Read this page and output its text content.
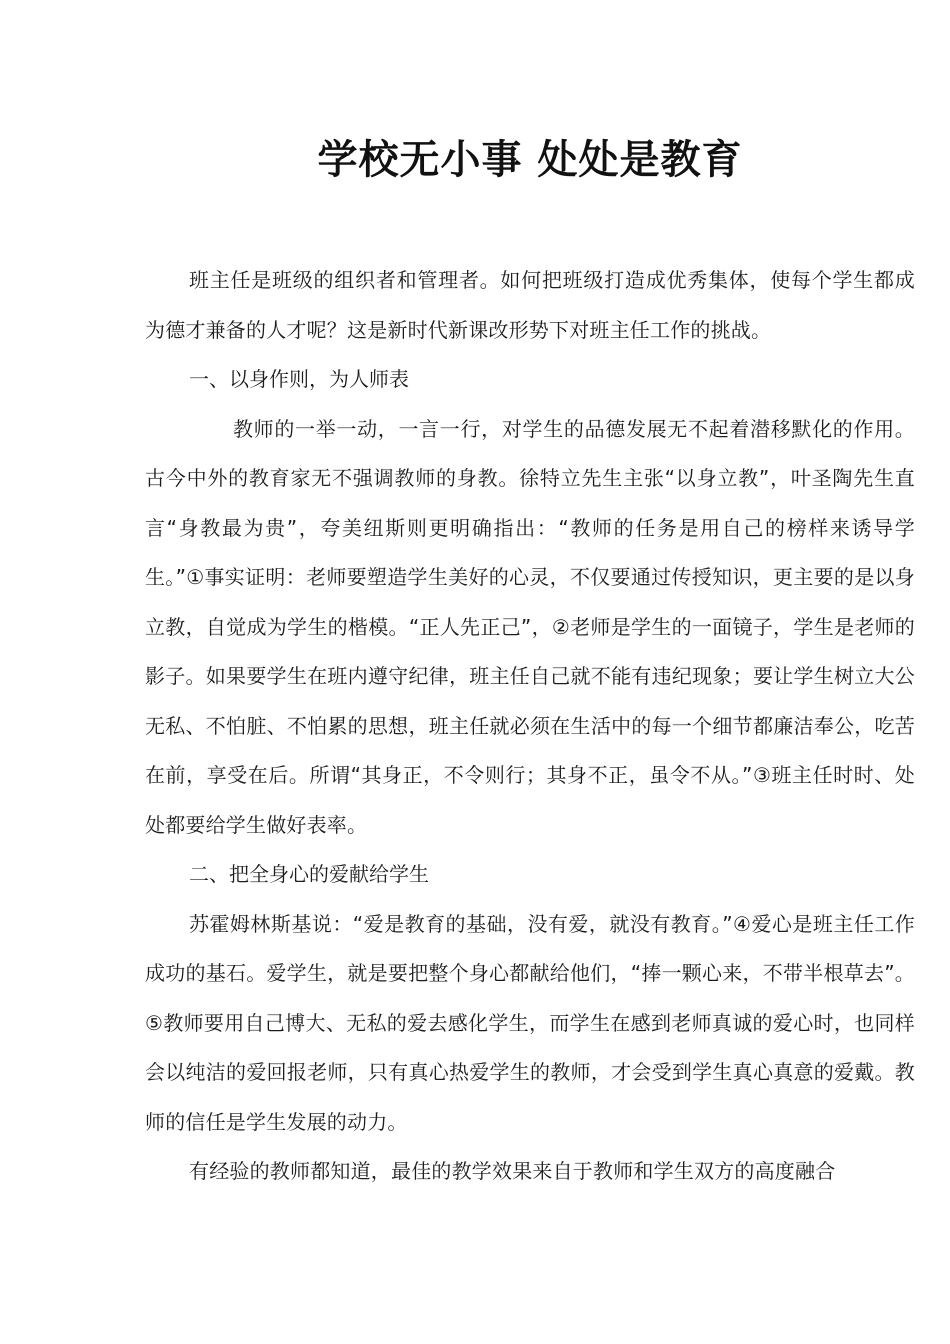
学校无小事 处处是教育

班主任是班级的组织者和管理者。如何把班级打造成优秀集体，使每个学生都成为德才兼备的人才呢？这是新时代新课改形势下对班主任工作的挑战。

一、以身作则，为人师表

教师的一举一动，一言一行，对学生的品德发展无不起着潜移默化的作用。古今中外的教育家无不强调教师的身教。徐特立先生主张“以身立教”，叶圣陶先生直言“身教最为贵”，夸美纽斯则更明确指出：“教师的任务是用自己的榜样来诱导学生。”①事实证明：老师要塑造学生美好的心灵，不仅要通过传授知识，更主要的是以身立教，自觉成为学生的楷模。“正人先正己”，②老师是学生的一面镜子，学生是老师的影子。如果要学生在班内遵守纪律，班主任自己就不能有违纪现象；要让学生树立大公无私、不怕脏、不怕累的思想，班主任就必须在生活中的每一个细节都廉洁奉公，吃苦在前，享受在后。所谓“其身正，不令则行；其身不正，虽令不从。”③班主任时时、处处都要给学生做好表率。

二、把全身心的爱献给学生

苏霍姆林斯基说：“爱是教育的基础，没有爱，就没有教育。”④爱心是班主任工作成功的基石。爱学生，就是要把整个身心都献给他们，“捧一颗心来，不带半根草去”。⑤教师要用自己博大、无私的爱去感化学生，而学生在感到老师真诚的爱心时，也同样会以纯洁的爱回报老师，只有真心热爱学生的教师，才会受到学生真心真意的爱戴。教师的信任是学生发展的动力。

有经验的教师都知道，最佳的教学效果来自于教师和学生双方的高度融合
